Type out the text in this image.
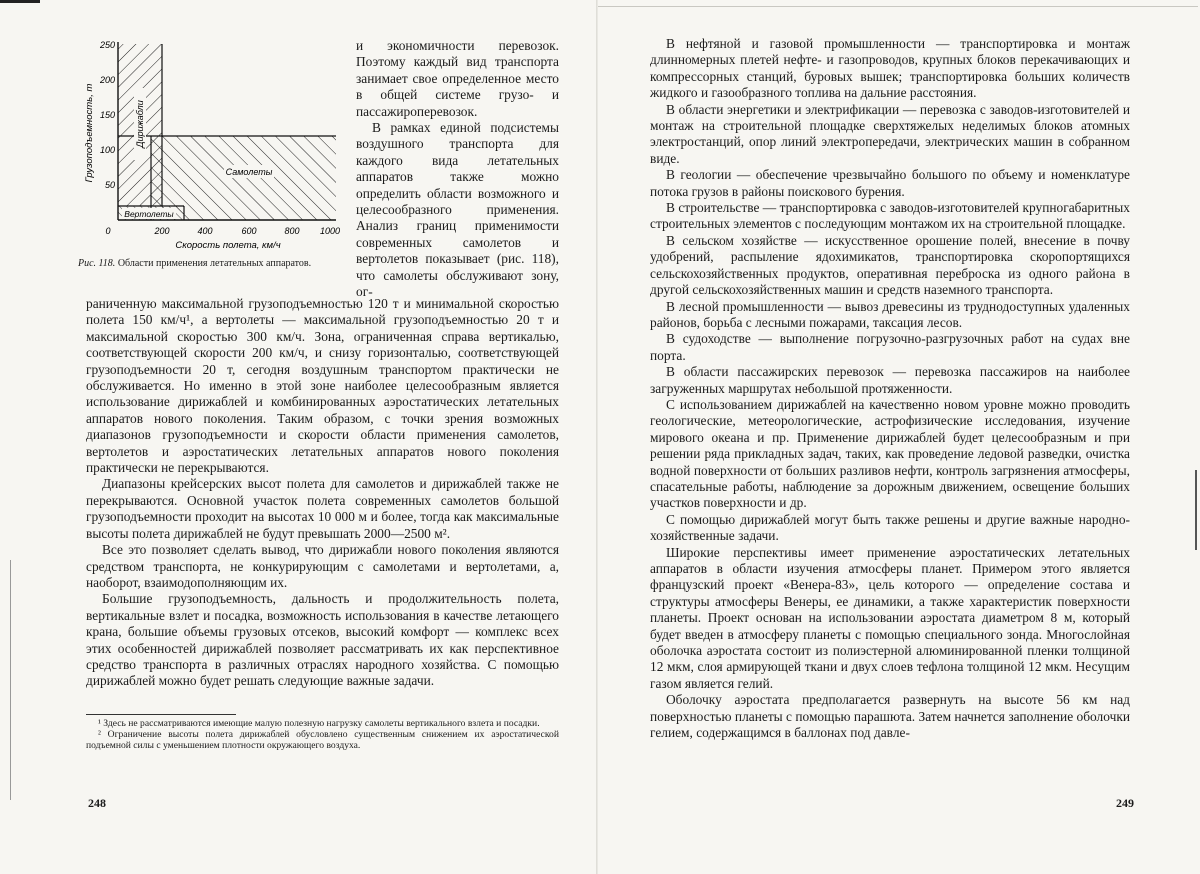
250
200
150
100
50
0	200	400	600	800 1000
Скорость полета, км/ч
Грузоподъемность, т	Дирижабли
Самолеты
Вертолеты
Рис. 118. Области применения летательных аппаратов.

и экономичности перевозок. Поэтому каждый вид транспорта занимает свое определенное место в общей системе грузо- и пассажироперевозок.

В рамках единой подсистемы воздушного транспорта для каждого вида летательных аппаратов также можно определить области возможного и целесообразного применения. Анализ границ применимости современных самолетов и вертолетов показывает (рис. 118), что самолеты обслуживают зону, ог-

раниченную максимальной грузоподъемностью 120 т и минимальной скоростью полета 150 км/ч¹, а вертолеты — максимальной грузоподъемностью 20 т и максимальной скоростью 300 км/ч. Зона, ограниченная справа вертикалью, соответствующей скорости 200 км/ч, и снизу горизонталью, соответствующей грузоподъемности 20 т, сегодня воздушным транспортом практически не обслуживается. Но именно в этой зоне наиболее целесообразным является использование дирижаблей и комбинированных аэростатических летательных аппаратов нового поколения. Таким образом, с точки зрения возможных диапазонов грузоподъемности и скорости области применения самолетов, вертолетов и аэростатических летательных аппаратов нового поколения практически не перекрываются.

Диапазоны крейсерских высот полета для самолетов и дирижаблей также не перекрываются. Основной участок полета современных самолетов большой грузоподъемности проходит на высотах 10 000 м и более, тогда как максимальные высоты полета дирижаблей не будут превышать 2000—2500 м².

Все это позволяет сделать вывод, что дирижабли нового поколения являются средством транспорта, не конкурирующим с самолетами и вертолетами, а, наоборот, взаимодополняющим их.

Большие грузоподъемность, дальность и продолжительность полета, вертикальные взлет и посадка, возможность использования в качестве летающего крана, большие объемы грузовых отсеков, высокий комфорт — комплекс всех этих особенностей дирижаблей позволяет рассматривать их как перспективное средство транспорта в различных отраслях народного хозяйства. С помощью дирижаблей можно будет решать следующие важные задачи.

¹ Здесь не рассматриваются имеющие малую полезную нагрузку самолеты вертикального взлета и посадки.

² Ограничение высоты полета дирижаблей обусловлено существенным снижением их аэростатической подъемной силы с уменьшением плотности окружающего воздуха.

248

В нефтяной и газовой промышленности — транспортировка и монтаж длинномерных плетей нефте- и газопроводов, крупных блоков перекачивающих и компрессорных станций, буровых вышек; транспортировка больших количеств жидкого и газообразного топлива на дальние расстояния.

В области энергетики и электрификации — перевозка с заводов-изготовителей и монтаж на строительной площадке сверхтяжелых неделимых блоков атомных электростанций, опор линий электропередачи, электрических машин в собранном виде.

В геологии — обеспечение чрезвычайно большого по объему и номенклатуре потока грузов в районы поискового бурения.

В строительстве — транспортировка с заводов-изготовителей крупногабаритных строительных элементов с последующим монтажом их на строительной площадке.

В сельском хозяйстве — искусственное орошение полей, внесение в почву удобрений, распыление ядохимикатов, транспортировка скоропортящихся сельскохозяйственных продуктов, оперативная переброска из одного района в другой сельскохозяйственных машин и средств наземного транспорта.

В лесной промышленности — вывоз древесины из труднодоступных удаленных районов, борьба с лесными пожарами, таксация лесов.

В судоходстве — выполнение погрузочно-разгрузочных работ на судах вне порта.

В области пассажирских перевозок — перевозка пассажиров на наиболее загруженных маршрутах небольшой протяженности.

С использованием дирижаблей на качественно новом уровне можно проводить геологические, метеорологические, астрофизические исследования, изучение мирового океана и пр. Применение дирижаблей будет целесообразным и при решении ряда прикладных задач, таких, как проведение ледовой разведки, очистка водной поверхности от больших разливов нефти, контроль загрязнения атмосферы, спасательные работы, наблюдение за дорожным движением, освещение больших участков поверхности и др.

С помощью дирижаблей могут быть также решены и другие важные народно-хозяйственные задачи.

Широкие перспективы имеет применение аэростатических летательных аппаратов в области изучения атмосферы планет. Примером этого является французский проект «Венера-83», цель которого — определение состава и структуры атмосферы Венеры, ее динамики, а также характеристик поверхности планеты. Проект основан на использовании аэростата диаметром 8 м, который будет введен в атмосферу планеты с помощью специального зонда. Многослойная оболочка аэростата состоит из полиэстерной алюминированной пленки толщиной 12 мкм, слоя армирующей ткани и двух слоев тефлона толщиной 12 мкм. Несущим газом является гелий.

Оболочку аэростата предполагается развернуть на высоте 56 км над поверхностью планеты с помощью парашюта. Затем начнется заполнение оболочки гелием, содержащимся в баллонах под давле-

249
